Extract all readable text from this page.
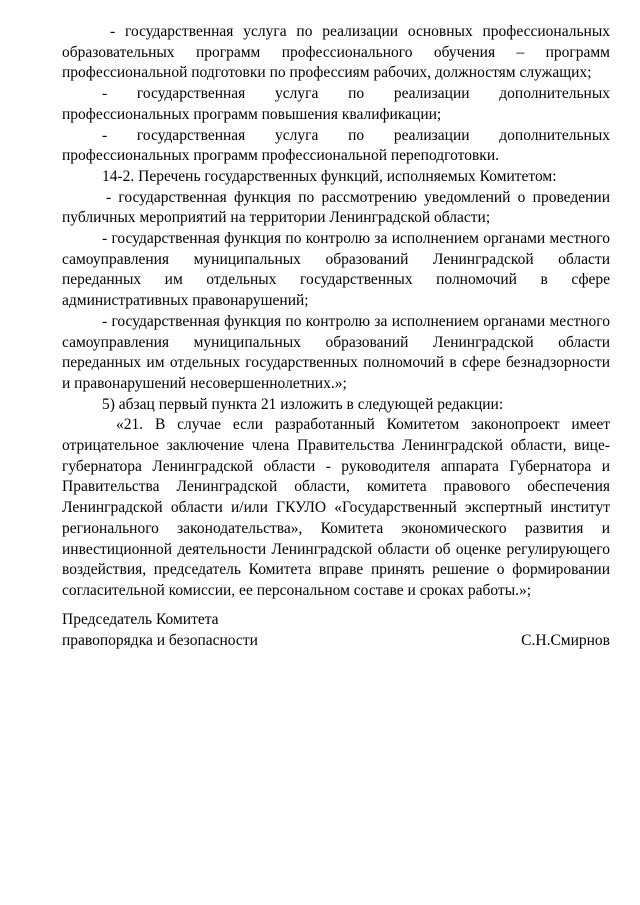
- государственная услуга по реализации основных профессиональных образовательных программ профессионального обучения – программ профессиональной подготовки по профессиям рабочих, должностям служащих;

- государственная услуга по реализации дополнительных профессиональных программ повышения квалификации;

- государственная услуга по реализации дополнительных профессиональных программ профессиональной переподготовки.

14-2. Перечень государственных функций, исполняемых Комитетом:

- государственная функция по рассмотрению уведомлений о проведении публичных мероприятий на территории Ленинградской области;

- государственная функция по контролю за исполнением органами местного самоуправления муниципальных образований Ленинградской области переданных им отдельных государственных полномочий в сфере административных правонарушений;

- государственная функция по контролю за исполнением органами местного самоуправления муниципальных образований Ленинградской области переданных им отдельных государственных полномочий в сфере безнадзорности и правонарушений несовершеннолетних.»;

5) абзац первый пункта 21 изложить в следующей редакции:

«21. В случае если разработанный Комитетом законопроект имеет отрицательное заключение члена Правительства Ленинградской области, вице-губернатора Ленинградской области - руководителя аппарата Губернатора и Правительства Ленинградской области, комитета правового обеспечения Ленинградской области и/или ГКУЛО «Государственный экспертный институт регионального законодательства», Комитета экономического развития и инвестиционной деятельности Ленинградской области об оценке регулирующего воздействия, председатель Комитета вправе принять решение о формировании согласительной комиссии, ее персональном составе и сроках работы.»;

Председатель Комитета

правопорядка и безопасности	С.Н.Смирнов
